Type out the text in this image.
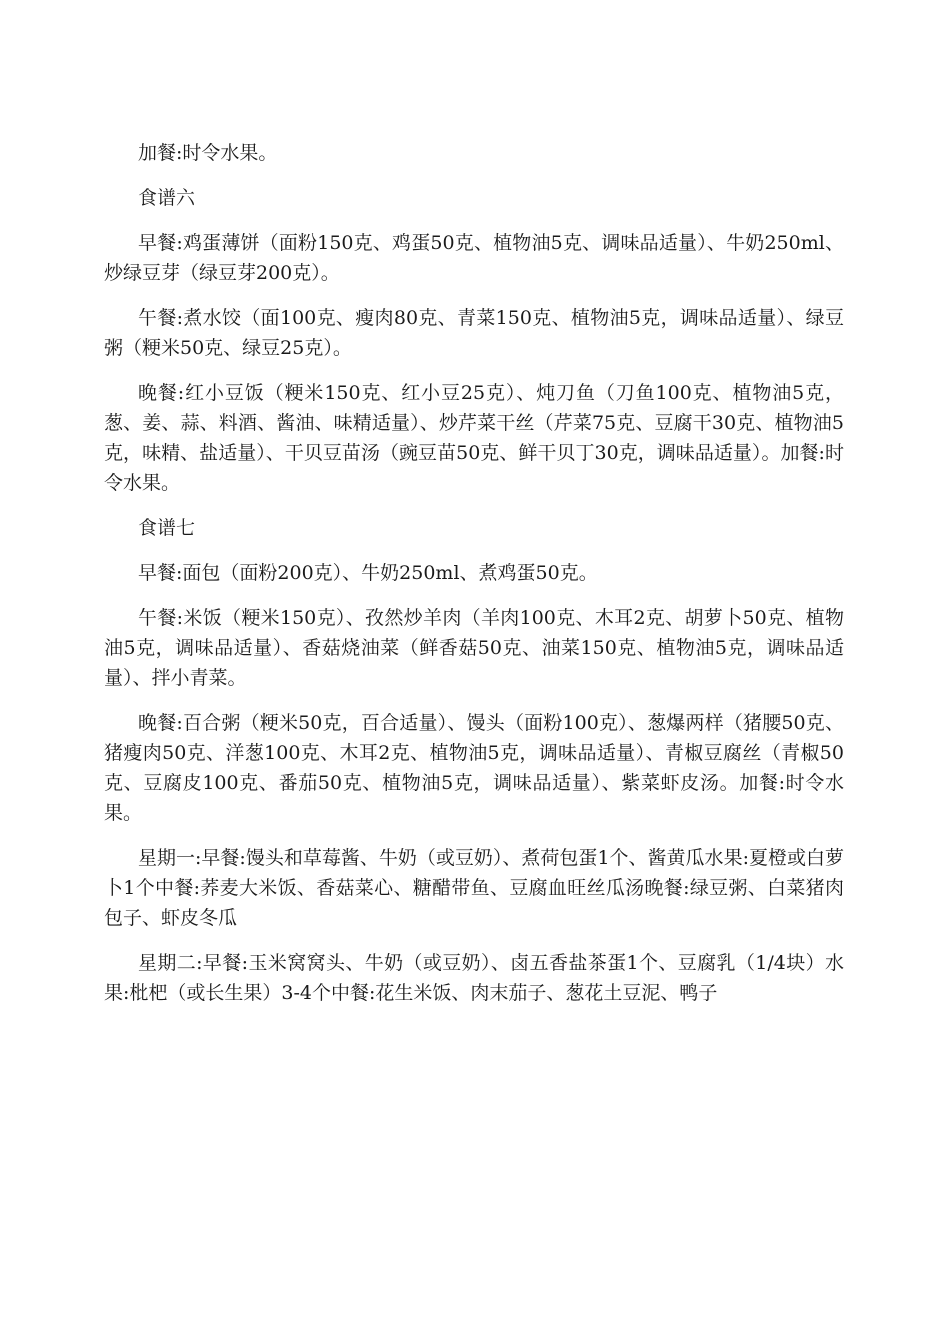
加餐:时令水果。

食谱六

早餐:鸡蛋薄饼（面粉150克、鸡蛋50克、植物油5克、调味品适量）、牛奶250ml、炒绿豆芽（绿豆芽200克）。

午餐:煮水饺（面100克、瘦肉80克、青菜150克、植物油5克，调味品适量）、绿豆粥（粳米50克、绿豆25克）。

晚餐:红小豆饭（粳米150克、红小豆25克）、炖刀鱼（刀鱼100克、植物油5克，葱、姜、蒜、料酒、酱油、味精适量）、炒芹菜干丝（芹菜75克、豆腐干30克、植物油5克，味精、盐适量）、干贝豆苗汤（豌豆苗50克、鲜干贝丁30克，调味品适量）。加餐:时令水果。

食谱七

早餐:面包（面粉200克）、牛奶250ml、煮鸡蛋50克。

午餐:米饭（粳米150克）、孜然炒羊肉（羊肉100克、木耳2克、胡萝卜50克、植物油5克，调味品适量）、香菇烧油菜（鲜香菇50克、油菜150克、植物油5克，调味品适量）、拌小青菜。

晚餐:百合粥（粳米50克，百合适量）、馒头（面粉100克）、葱爆两样（猪腰50克、猪瘦肉50克、洋葱100克、木耳2克、植物油5克，调味品适量）、青椒豆腐丝（青椒50克、豆腐皮100克、番茄50克、植物油5克，调味品适量）、紫菜虾皮汤。加餐:时令水果。

星期一:早餐:馒头和草莓酱、牛奶（或豆奶）、煮荷包蛋1个、酱黄瓜水果:夏橙或白萝卜1个中餐:荞麦大米饭、香菇菜心、糖醋带鱼、豆腐血旺丝瓜汤晚餐:绿豆粥、白菜猪肉包子、虾皮冬瓜

星期二:早餐:玉米窝窝头、牛奶（或豆奶）、卤五香盐茶蛋1个、豆腐乳（1/4块）水果:枇杷（或长生果）3-4个中餐:花生米饭、肉末茄子、葱花土豆泥、鸭子
